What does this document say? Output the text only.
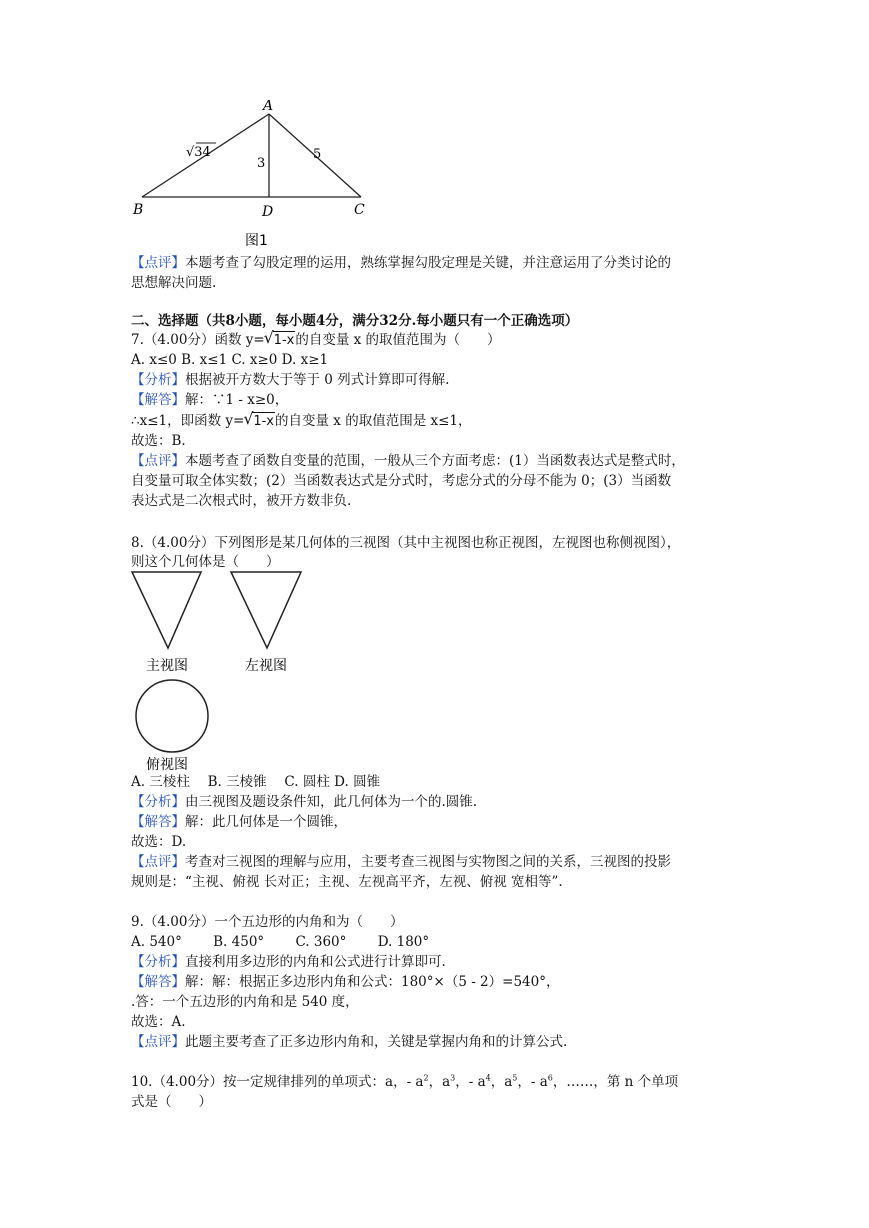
A
B	C
D
√34
3
5
图1
【点评】本题考查了勾股定理的运用，熟练掌握勾股定理是关键，并注意运用了分类讨论的
思想解决问题.
二、选择题（共8小题，每小题4分，满分32分.每小题只有一个正确选项）
7.（4.00分）函数 y= √ 1-x的自变量 x 的取值范围为（　　）
A. x≤0 B. x≤1 C. x≥0 D. x≥1
【分析】根据被开方数大于等于 0 列式计算即可得解.
【解答】解：∵1 - x≥0，
∴x≤1，即函数 y= √ 1-x的自变量 x 的取值范围是 x≤1，
故选：B.
【点评】本题考查了函数自变量的范围，一般从三个方面考虑：(1）当函数表达式是整式时，
自变量可取全体实数；(2）当函数表达式是分式时，考虑分式的分母不能为 0；(3）当函数
表达式是二次根式时，被开方数非负.
8.（4.00分）下列图形是某几何体的三视图（其中主视图也称正视图，左视图也称侧视图），
则这个几何体是（　　）
主视图	左视图
俯视图
A. 三棱柱　 B. 三棱锥　 C. 圆柱 D. 圆锥
【分析】由三视图及题设条件知，此几何体为一个的.圆锥.
【解答】解：此几何体是一个圆锥，
故选：D.
【点评】考查对三视图的理解与应用，主要考查三视图与实物图之间的关系，三视图的投影
规则是：“主视、俯视 长对正；主视、左视高平齐，左视、俯视 宽相等”.
9.（4.00分）一个五边形的内角和为（　　）
A. 540°　　 B. 450°　　 C. 360°　　 D. 180°
【分析】直接利用多边形的内角和公式进行计算即可.
【解答】解：解：根据正多边形内角和公式：180°×（5 - 2）=540°，
.答：一个五边形的内角和是 540 度，
故选：A.
【点评】此题主要考查了正多边形内角和，关键是掌握内角和的计算公式.
10.（4.00分）按一定规律排列的单项式：a，- $a^2$，$a^3$，- $a^4$，$a^5$，- $a^6$，……，第 n 个单项
式是（　　）
